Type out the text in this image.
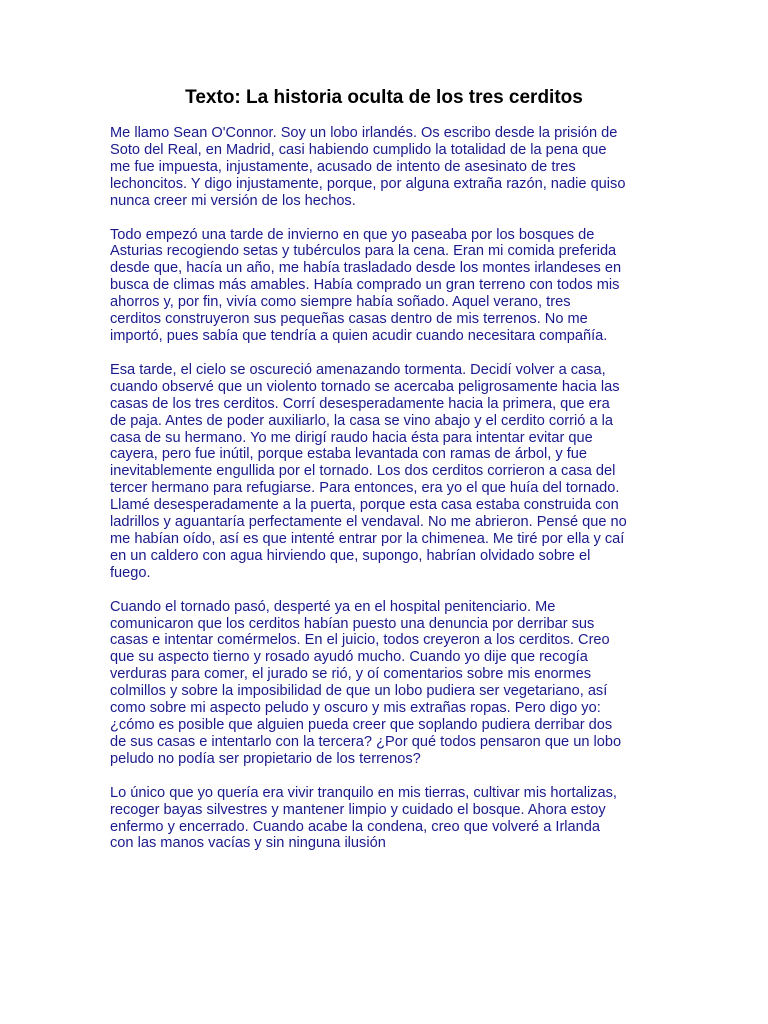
Texto: La historia oculta de los tres cerditos

Me llamo Sean O'Connor. Soy un lobo irlandés. Os escribo desde la prisión de
Soto del Real, en Madrid, casi habiendo cumplido la totalidad de la pena que
me fue impuesta, injustamente, acusado de intento de asesinato de tres
lechoncitos. Y digo injustamente, porque, por alguna extraña razón, nadie quiso
nunca creer mi versión de los hechos.

Todo empezó una tarde de invierno en que yo paseaba por los bosques de
Asturias recogiendo setas y tubérculos para la cena. Eran mi comida preferida
desde que, hacía un año, me había trasladado desde los montes irlandeses en
busca de climas más amables. Había comprado un gran terreno con todos mis
ahorros y, por fin, vivía como siempre había soñado. Aquel verano, tres
cerditos construyeron sus pequeñas casas dentro de mis terrenos. No me
importó, pues sabía que tendría a quien acudir cuando necesitara compañía.

Esa tarde, el cielo se oscureció amenazando tormenta. Decidí volver a casa,
cuando observé que un violento tornado se acercaba peligrosamente hacia las
casas de los tres cerditos. Corrí desesperadamente hacia la primera, que era
de paja. Antes de poder auxiliarlo, la casa se vino abajo y el cerdito corrió a la
casa de su hermano. Yo me dirigí raudo hacia ésta para intentar evitar que
cayera, pero fue inútil, porque estaba levantada con ramas de árbol, y fue
inevitablemente engullida por el tornado. Los dos cerditos corrieron a casa del
tercer hermano para refugiarse. Para entonces, era yo el que huía del tornado.
Llamé desesperadamente a la puerta, porque esta casa estaba construida con
ladrillos y aguantaría perfectamente el vendaval. No me abrieron. Pensé que no
me habían oído, así es que intenté entrar por la chimenea. Me tiré por ella y caí
en un caldero con agua hirviendo que, supongo, habrían olvidado sobre el
fuego.

Cuando el tornado pasó, desperté ya en el hospital penitenciario. Me
comunicaron que los cerditos habían puesto una denuncia por derribar sus
casas e intentar comérmelos. En el juicio, todos creyeron a los cerditos. Creo
que su aspecto tierno y rosado ayudó mucho. Cuando yo dije que recogía
verduras para comer, el jurado se rió, y oí comentarios sobre mis enormes
colmillos y sobre la imposibilidad de que un lobo pudiera ser vegetariano, así
como sobre mi aspecto peludo y oscuro y mis extrañas ropas. Pero digo yo:
¿cómo es posible que alguien pueda creer que soplando pudiera derribar dos
de sus casas e intentarlo con la tercera? ¿Por qué todos pensaron que un lobo
peludo no podía ser propietario de los terrenos?

Lo único que yo quería era vivir tranquilo en mis tierras, cultivar mis hortalizas,
recoger bayas silvestres y mantener limpio y cuidado el bosque. Ahora estoy
enfermo y encerrado. Cuando acabe la condena, creo que volveré a Irlanda
con las manos vacías y sin ninguna ilusión
